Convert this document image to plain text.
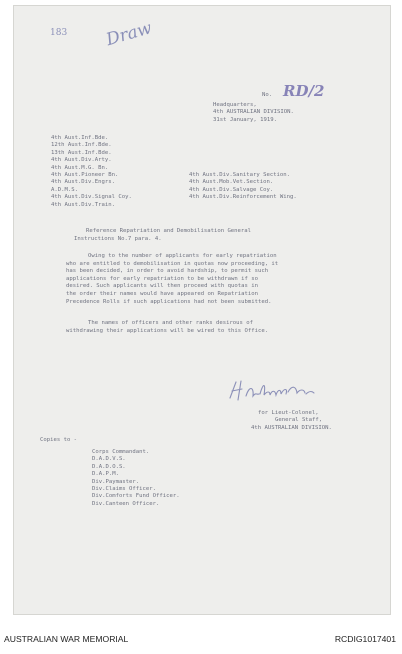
183 Draw
No. RD/2
Headquarters,
4th AUSTRALIAN DIVISION.
31st January, 1919.
4th Aust.Inf.Bde.
12th Aust.Inf.Bde.
13th Aust.Inf.Bde.
4th Aust.Div.Arty.
4th Aust.M.G. Bn.
4th Aust.Pioneer Bn.
4th Aust.Div.Engrs.
A.D.M.S.
4th Aust.Div.Signal Coy.
4th Aust.Div.Train.
4th Aust.Div.Sanitary Section.
4th Aust.Mob.Vet.Section.
4th Aust.Div.Salvage Coy.
4th Aust.Div.Reinforcement Wing.
Reference Repatriation and Demobilisation General
Instructions No.7 para. 4.
Owing to the number of applicants for early repatriation
who are entitled to demobilisation in quotas now proceeding, it
has been decided, in order to avoid hardship, to permit such
applications for early repatriation to be withdrawn if so
desired. Such applicants will then proceed with quotas in
the order their names would have appeared on Repatriation
Precedence Rolls if such applications had not been submitted.
The names of officers and other ranks desirous of
withdrawing their applications will be wired to this Office.
for Lieut-Colonel,
General Staff,
4th AUSTRALIAN DIVISION.
Copies to -
Corps Commandant.
D.A.D.V.S.
D.A.D.O.S.
D.A.P.M.
Div.Paymaster.
Div.Claims Officer.
Div.Comforts Fund Officer.
Div.Canteen Officer.
AUSTRALIAN WAR MEMORIAL	RCDIG1017401
